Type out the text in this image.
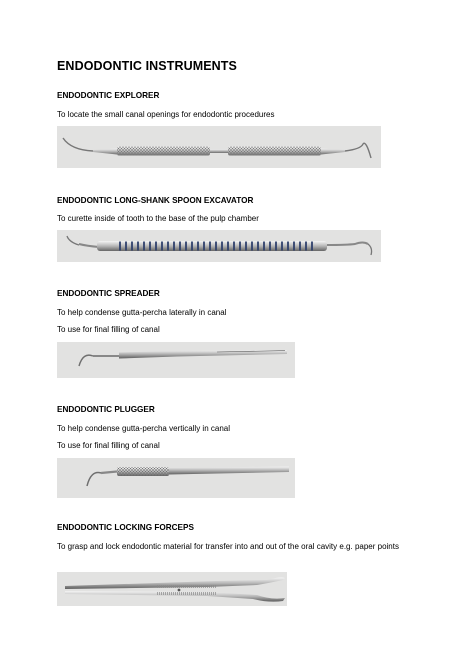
ENDODONTIC INSTRUMENTS
ENDODONTIC EXPLORER
To locate the small canal openings for endodontic procedures
ENDODONTIC LONG-SHANK SPOON EXCAVATOR
To curette inside of tooth to the base of the pulp chamber
ENDODONTIC SPREADER
To help condense gutta-percha laterally in canal
To use for final filling of canal
ENDODONTIC PLUGGER
To help condense gutta-percha vertically in canal
To use for final filling of canal
ENDODONTIC LOCKING FORCEPS
To grasp and lock endodontic material for transfer into and out of the oral cavity e.g. paper points
